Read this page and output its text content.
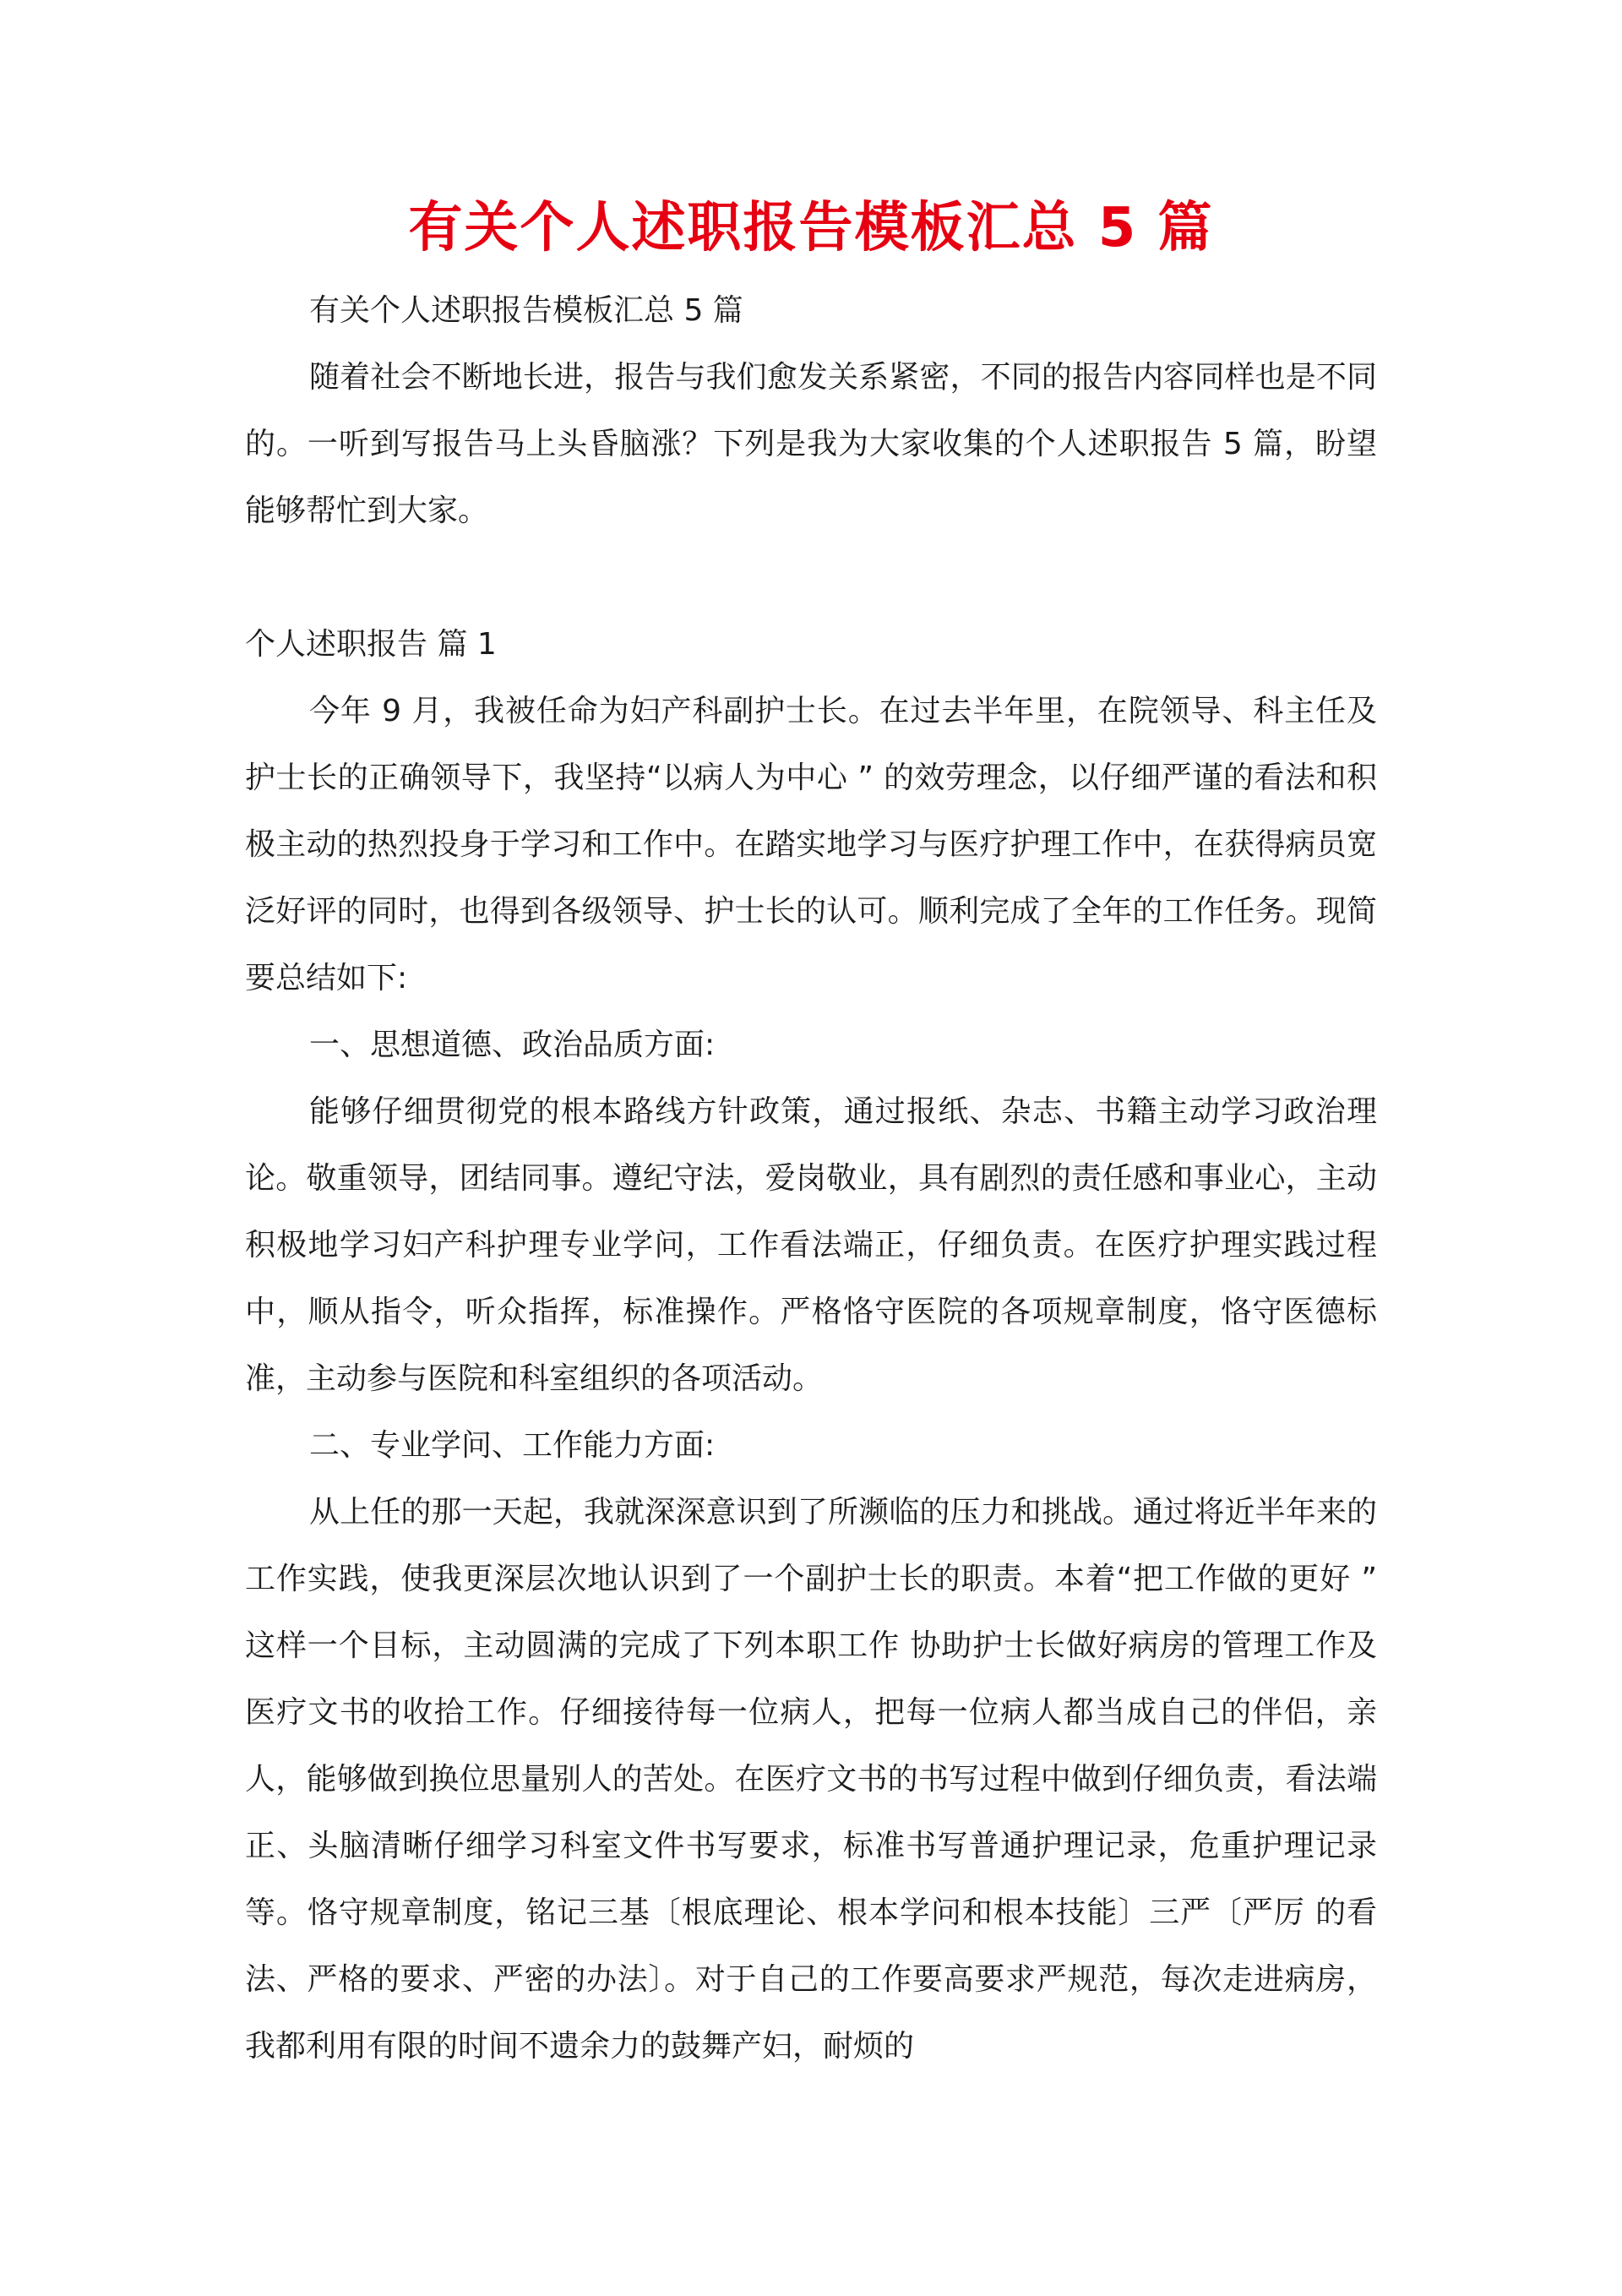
有关个人述职报告模板汇总 5 篇

有关个人述职报告模板汇总 5 篇

随着社会不断地长进，报告与我们愈发关系紧密，不同的报告内容同样也是不同的。一听到写报告马上头昏脑涨？下列是我为大家收集的个人述职报告 5 篇，盼望能够帮忙到大家。

个人述职报告 篇 1

今年 9 月，我被任命为妇产科副护士长。在过去半年里，在院领导、科主任及护士长的正确领导下，我坚持“以病人为中心 ” 的效劳理念，以仔细严谨的看法和积极主动的热烈投身于学习和工作中。在踏实地学习与医疗护理工作中，在获得病员宽泛好评的同时，也得到各级领导、护士长的认可。顺利完成了全年的工作任务。现简要总结如下:

一、思想道德、政治品质方面:

能够仔细贯彻党的根本路线方针政策，通过报纸、杂志、书籍主动学习政治理论。敬重领导，团结同事。遵纪守法，爱岗敬业，具有剧烈的责任感和事业心，主动积极地学习妇产科护理专业学问，工作看法端正，仔细负责。在医疗护理实践过程中，顺从指令，听众指挥，标准操作。严格恪守医院的各项规章制度，恪守医德标准，主动参与医院和科室组织的各项活动。

二、专业学问、工作能力方面:

从上任的那一天起，我就深深意识到了所濒临的压力和挑战。通过将近半年来的工作实践，使我更深层次地认识到了一个副护士长的职责。本着“把工作做的更好 ” 这样一个目标，主动圆满的完成了下列本职工作 协助护士长做好病房的管理工作及医疗文书的收拾工作。仔细接待每一位病人，把每一位病人都当成自己的伴侣，亲人，能够做到换位思量别人的苦处。在医疗文书的书写过程中做到仔细负责，看法端正、头脑清晰仔细学习科室文件书写要求，标准书写普通护理记录，危重护理记录等。恪守规章制度，铭记三基〔根底理论、根本学问和根本技能〕三严〔严厉 的看法、严格的要求、严密的办法〕。对于自己的工作要高要求严规范，每次走进病房，我都利用有限的时间不遗余力的鼓舞产妇，耐烦的
